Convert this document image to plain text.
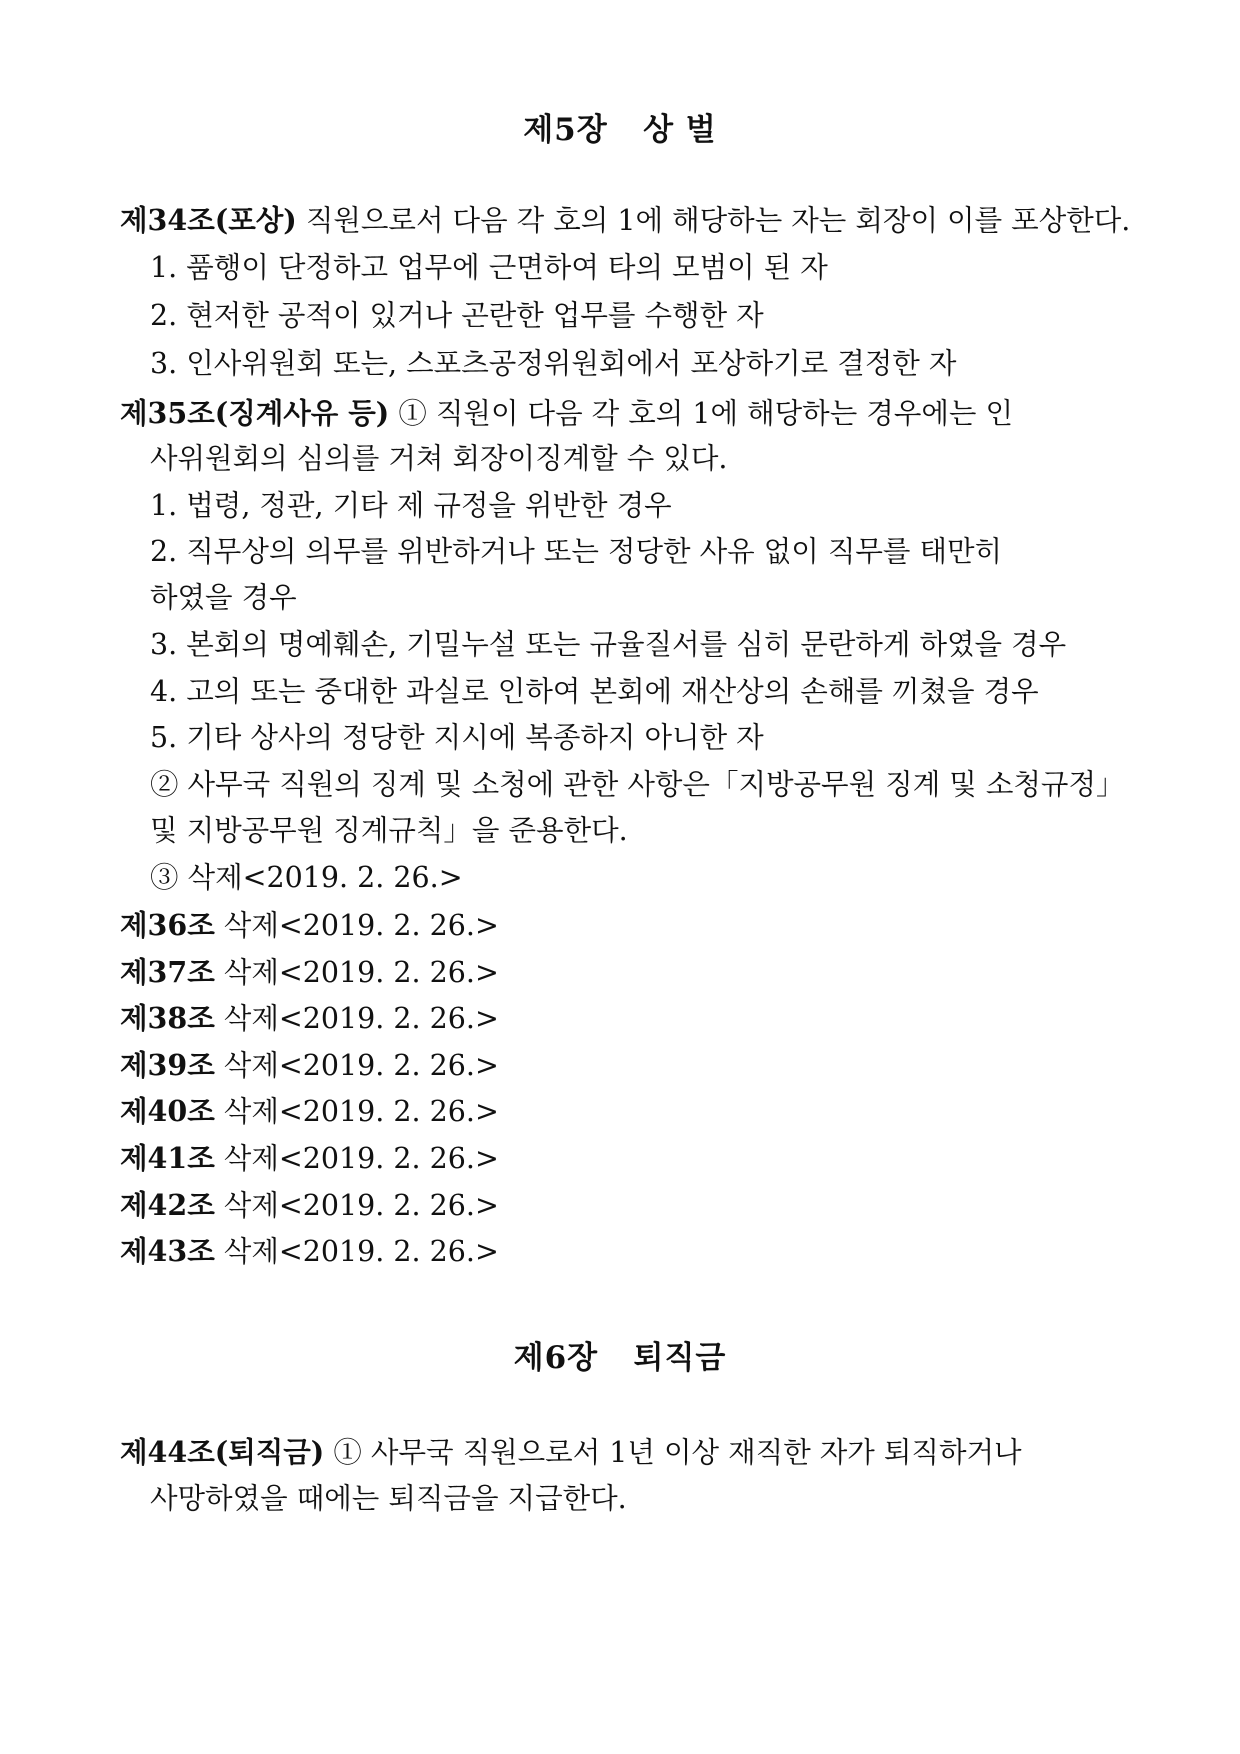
제5장   상 벌
제34조(포상) 직원으로서 다음 각 호의 1에 해당하는 자는 회장이 이를 포상한다.
1. 품행이 단정하고 업무에 근면하여 타의 모범이 된 자
2. 현저한 공적이 있거나 곤란한 업무를 수행한 자
3. 인사위원회 또는, 스포츠공정위원회에서 포상하기로 결정한 자
제35조(징계사유 등) ① 직원이 다음 각 호의 1에 해당하는 경우에는 인
사위원회의 심의를 거쳐 회장이징계할 수 있다.
1. 법령, 정관, 기타 제 규정을 위반한 경우
2. 직무상의 의무를 위반하거나 또는 정당한 사유 없이 직무를 태만히
하였을 경우
3. 본회의 명예훼손, 기밀누설 또는 규율질서를 심히 문란하게 하였을 경우
4. 고의 또는 중대한 과실로 인하여 본회에 재산상의 손해를 끼쳤을 경우
5. 기타 상사의 정당한 지시에 복종하지 아니한 자
② 사무국 직원의 징계 및 소청에 관한 사항은「지방공무원 징계 및 소청규정」
및 지방공무원 징계규칙」을 준용한다.
③ 삭제<2019. 2. 26.>
제36조 삭제<2019. 2. 26.>
제37조 삭제<2019. 2. 26.>
제38조 삭제<2019. 2. 26.>
제39조 삭제<2019. 2. 26.>
제40조 삭제<2019. 2. 26.>
제41조 삭제<2019. 2. 26.>
제42조 삭제<2019. 2. 26.>
제43조 삭제<2019. 2. 26.>
제6장   퇴직금
제44조(퇴직금) ① 사무국 직원으로서 1년 이상 재직한 자가 퇴직하거나
사망하였을 때에는 퇴직금을 지급한다.
